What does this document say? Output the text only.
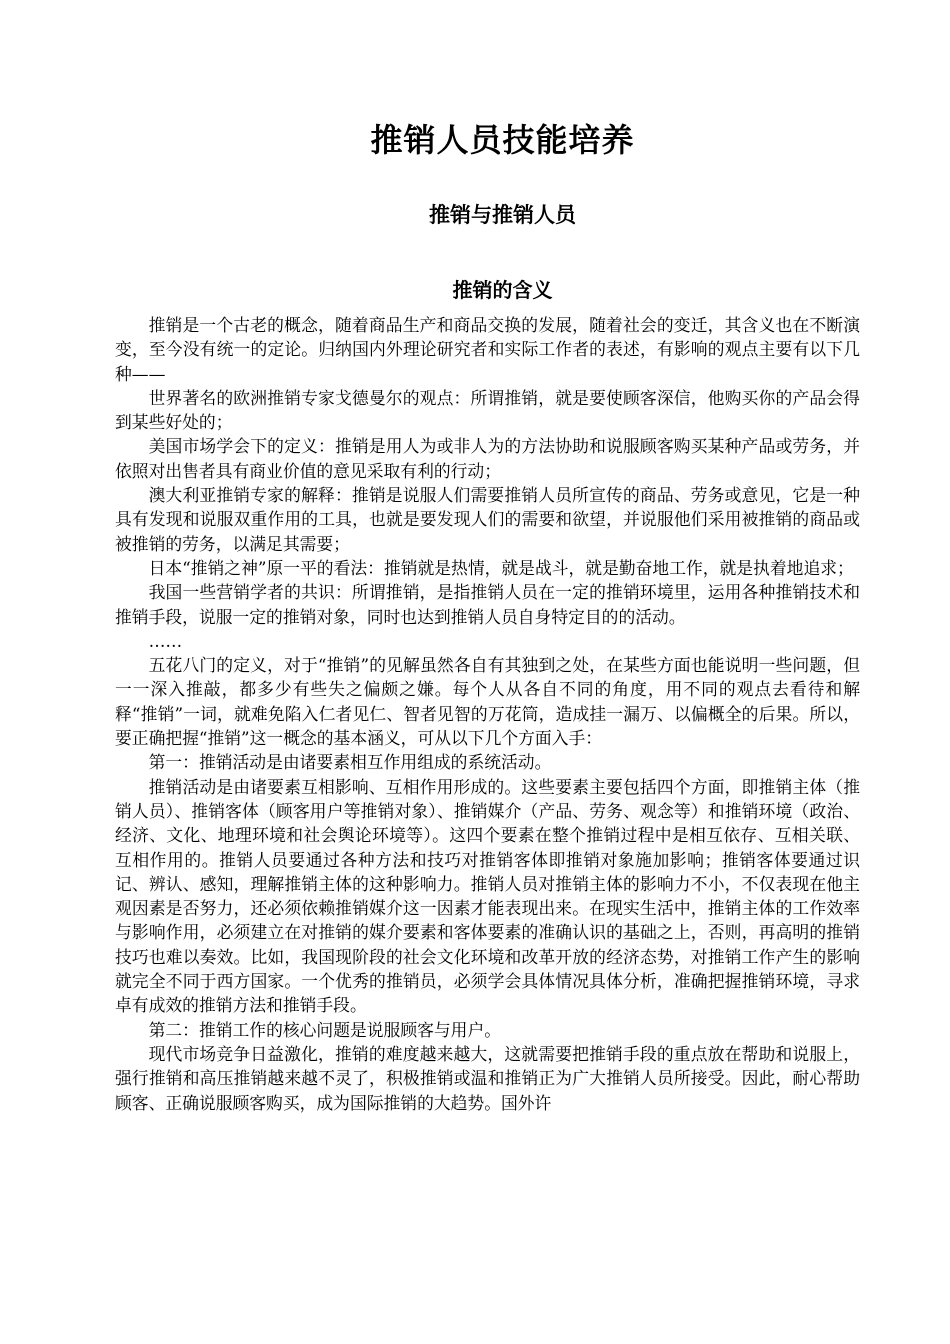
推销人员技能培养
推销与推销人员
推销的含义

推销是一个古老的概念，随着商品生产和商品交换的发展，随着社会的变迁，其含义也在不断演变，至今没有统一的定论。归纳国内外理论研究者和实际工作者的表述，有影响的观点主要有以下几种——

世界著名的欧洲推销专家戈德曼尔的观点：所谓推销，就是要使顾客深信，他购买你的产品会得到某些好处的；

美国市场学会下的定义：推销是用人为或非人为的方法协助和说服顾客购买某种产品或劳务，并依照对出售者具有商业价值的意见采取有利的行动；

澳大利亚推销专家的解释：推销是说服人们需要推销人员所宣传的商品、劳务或意见，它是一种具有发现和说服双重作用的工具，也就是要发现人们的需要和欲望，并说服他们采用被推销的商品或被推销的劳务，以满足其需要；

日本“推销之神”原一平的看法：推销就是热情，就是战斗，就是勤奋地工作，就是执着地追求；

我国一些营销学者的共识：所谓推销，是指推销人员在一定的推销环境里，运用各种推销技术和推销手段，说服一定的推销对象，同时也达到推销人员自身特定目的的活动。

……

五花八门的定义，对于“推销”的见解虽然各自有其独到之处，在某些方面也能说明一些问题，但一一深入推敲，都多少有些失之偏颇之嫌。每个人从各自不同的角度，用不同的观点去看待和解释“推销”一词，就难免陷入仁者见仁、智者见智的万花筒，造成挂一漏万、以偏概全的后果。所以，要正确把握“推销”这一概念的基本涵义，可从以下几个方面入手：

第一：推销活动是由诸要素相互作用组成的系统活动。

推销活动是由诸要素互相影响、互相作用形成的。这些要素主要包括四个方面，即推销主体（推销人员）、推销客体（顾客用户等推销对象）、推销媒介（产品、劳务、观念等）和推销环境（政治、经济、文化、地理环境和社会舆论环境等）。这四个要素在整个推销过程中是相互依存、互相关联、互相作用的。推销人员要通过各种方法和技巧对推销客体即推销对象施加影响；推销客体要通过识记、辨认、感知，理解推销主体的这种影响力。推销人员对推销主体的影响力不小，不仅表现在他主观因素是否努力，还必须依赖推销媒介这一因素才能表现出来。在现实生活中，推销主体的工作效率与影响作用，必须建立在对推销的媒介要素和客体要素的准确认识的基础之上，否则，再高明的推销技巧也难以奏效。比如，我国现阶段的社会文化环境和改革开放的经济态势，对推销工作产生的影响就完全不同于西方国家。一个优秀的推销员，必须学会具体情况具体分析，准确把握推销环境，寻求卓有成效的推销方法和推销手段。

第二：推销工作的核心问题是说服顾客与用户。

现代市场竞争日益激化，推销的难度越来越大，这就需要把推销手段的重点放在帮助和说服上，强行推销和高压推销越来越不灵了，积极推销或温和推销正为广大推销人员所接受。因此，耐心帮助顾客、正确说服顾客购买，成为国际推销的大趋势。国外许
